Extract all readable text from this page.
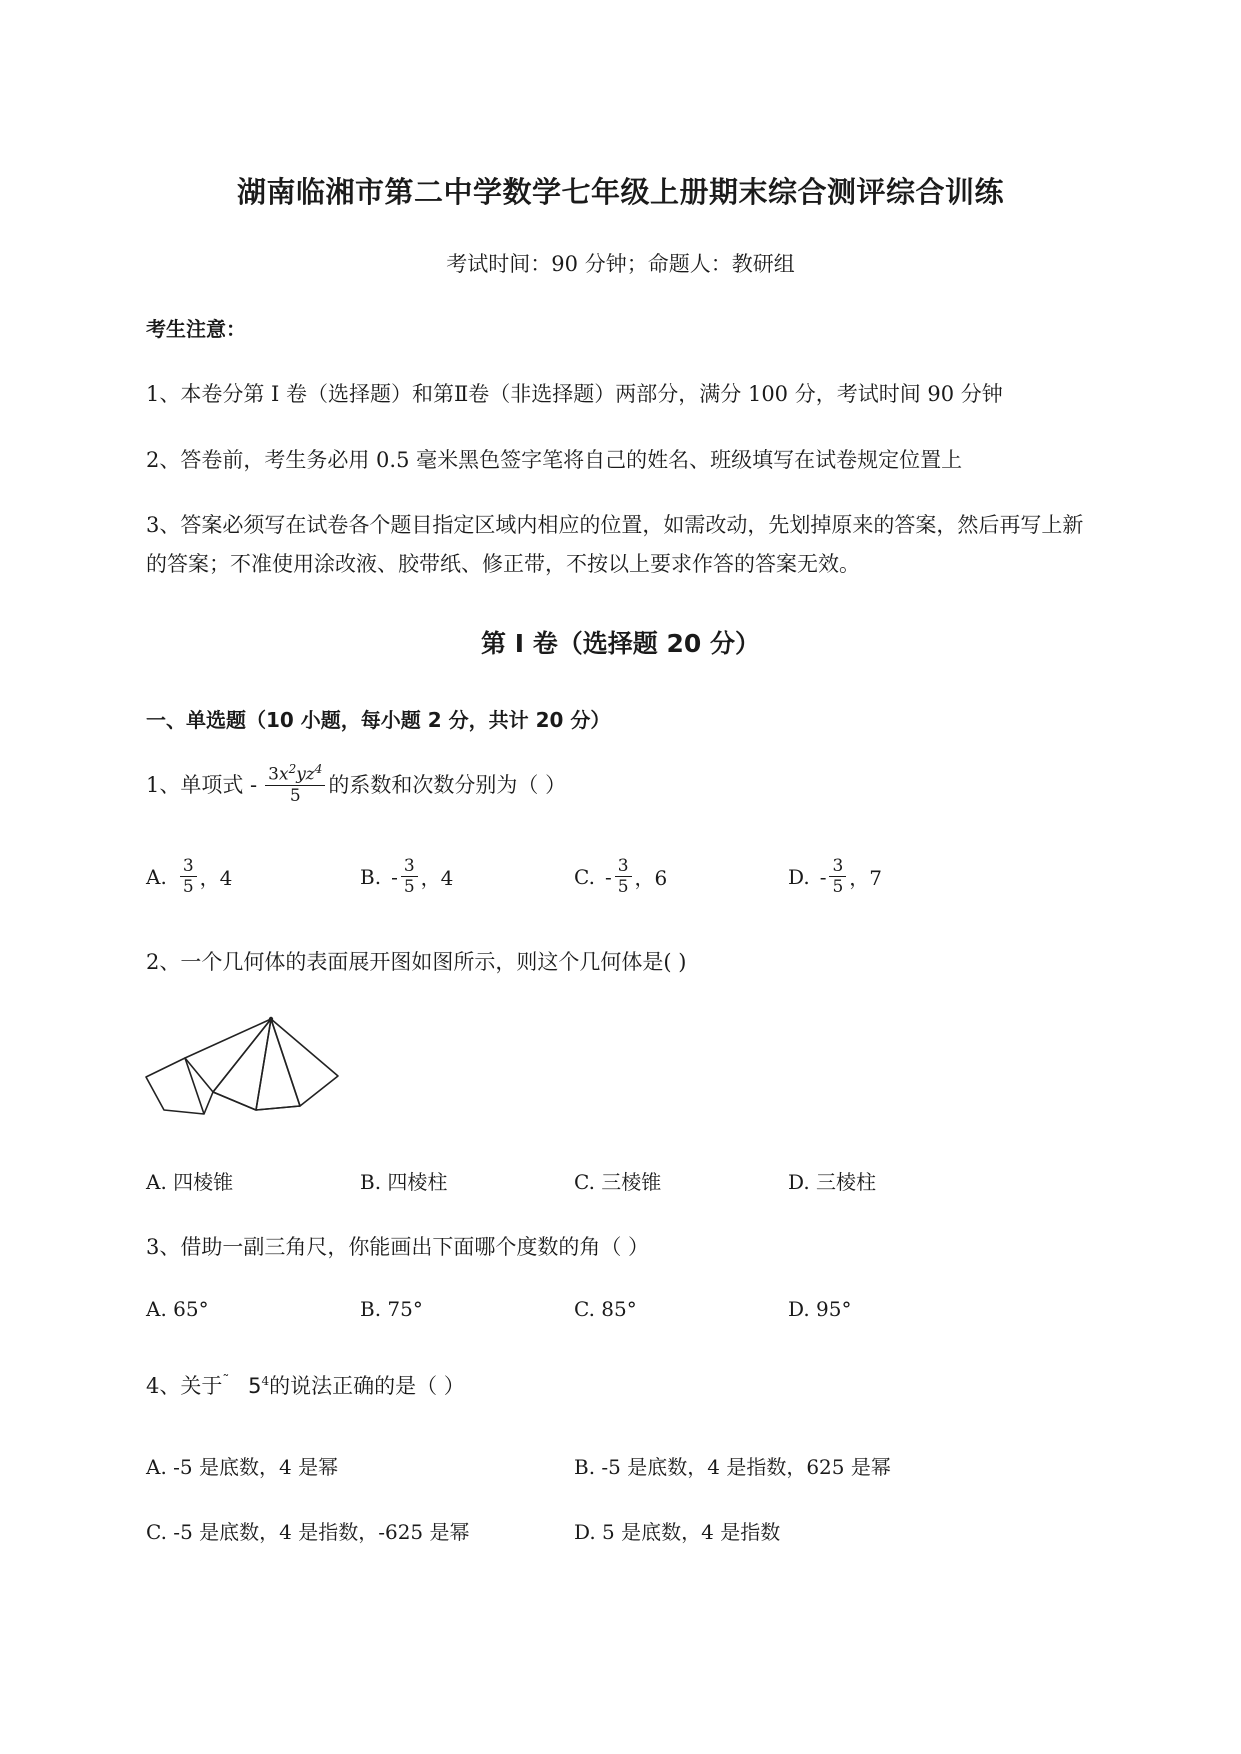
湖南临湘市第二中学数学七年级上册期末综合测评综合训练
考试时间：90 分钟；命题人：教研组
考生注意：
1、本卷分第 I 卷（选择题）和第Ⅱ卷（非选择题）两部分，满分 100 分，考试时间 90 分钟
2、答卷前，考生务必用 0.5 毫米黑色签字笔将自己的姓名、班级填写在试卷规定位置上
3、答案必须写在试卷各个题目指定区域内相应的位置，如需改动，先划掉原来的答案，然后再写上新
的答案；不准使用涂改液、胶带纸、修正带，不按以上要求作答的答案无效。
第 I 卷（选择题 20 分）
一、单选题（10 小题，每小题 2 分，共计 20 分）
1、单项式 - $\frac{3x^2yz^4}{5}$ 的系数和次数分别为（ ）
A. $\frac{3}{5}$ ，4	B. - $\frac{3}{5}$ ，4	C. - $\frac{3}{5}$ ，6	D. - $\frac{3}{5}$ ，7
2、一个几何体的表面展开图如图所示，则这个几何体是( )
A. 四棱锥	B. 四棱柱	C. 三棱锥	D. 三棱柱
3、借助一副三角尺，你能画出下面哪个度数的角（ ）
A. 65°	B. 75°	C. 85°	D. 95°
4、关于˜ $5^4$的说法正确的是（ ）
A. -5 是底数，4 是幂	B. -5 是底数，4 是指数，625 是幂
C. -5 是底数，4 是指数，-625 是幂	D. 5 是底数，4 是指数
